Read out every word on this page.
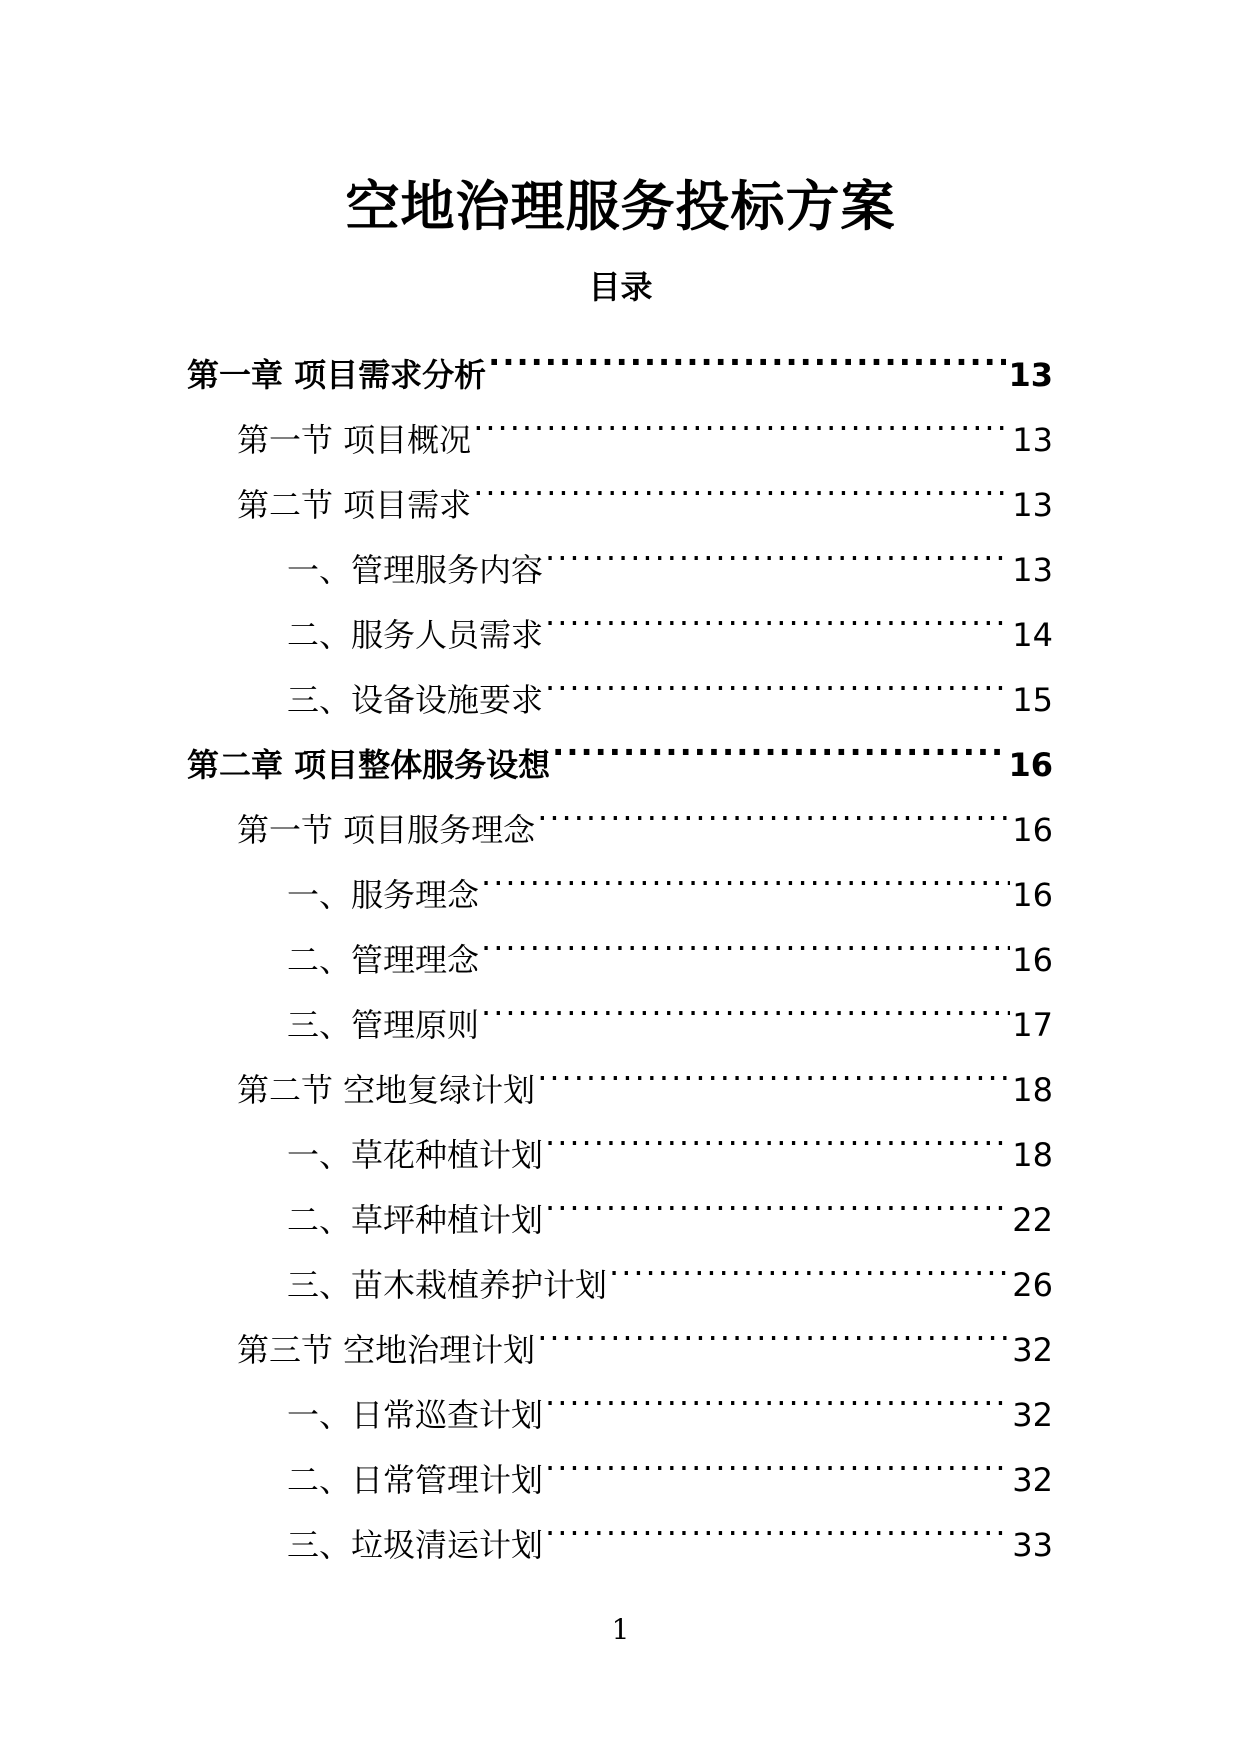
空地治理服务投标方案
目录
第一章 项目需求分析 .....	13
第一节 项目概况 .....	13
第二节 项目需求 .....	13
一、管理服务内容 .....	13
二、服务人员需求 .....	14
三、设备设施要求 .....	15
第二章 项目整体服务设想 .....	16
第一节 项目服务理念 .....	16
一、服务理念 .....	16
二、管理理念 .....	16
三、管理原则 .....	17
第二节 空地复绿计划 .....	18
一、草花种植计划 .....	18
二、草坪种植计划 .....	22
三、苗木栽植养护计划 .....	26
第三节 空地治理计划 .....	32
一、日常巡查计划 .....	32
二、日常管理计划 .....	32
三、垃圾清运计划 .....	33
1
